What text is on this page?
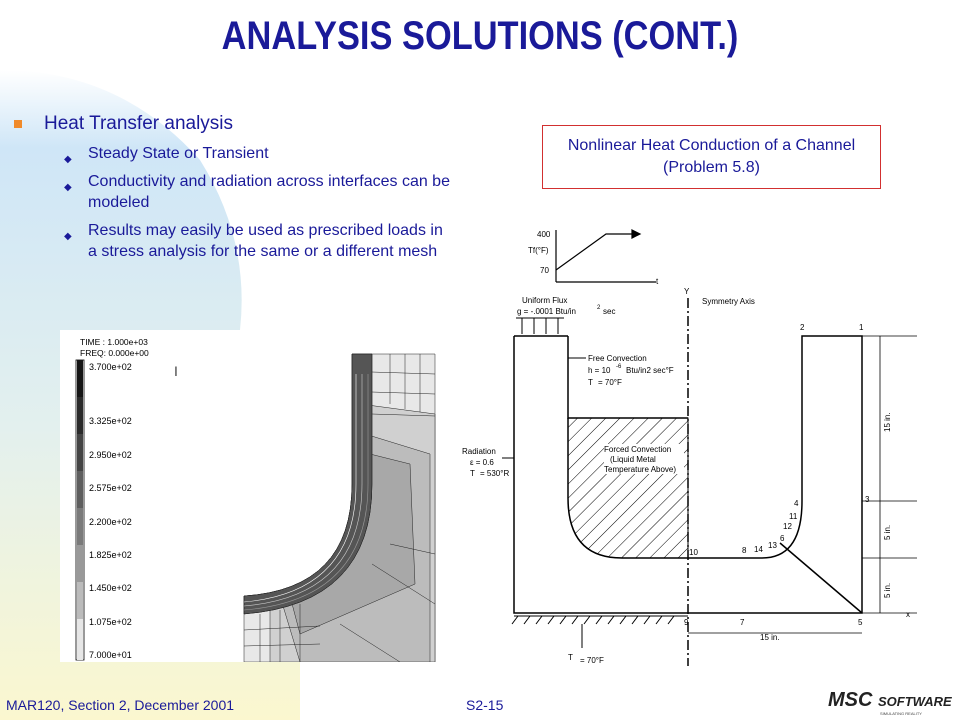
ANALYSIS SOLUTIONS (CONT.)
Heat Transfer analysis
◆ Steady State or Transient
◆ Conductivity and radiation across interfaces can be modeled
◆ Results may easily be used as prescribed loads in a stress analysis for the same or a different mesh
Nonlinear Heat Conduction of a Channel (Problem 5.8)
TIME : 1.000e+03
FREQ: 0.000e+00
3.700e+02
3.325e+02
2.950e+02
2.575e+02
2.200e+02
1.825e+02
1.450e+02
1.075e+02
7.000e+01
I
400
70
Tf(°F)
t
Y
Symmetry Axis
Forced Convection
(Liquid Metal
Temperature Above)
Uniform Flux
g = -.0001 Btu/in	2 sec
Free Convection
h = 10 -6 Btu/in2 sec°F
T = 70°F
Radiation
ε = 0.6
T = 530°R
T = 70°F
1
2
3
4
5
6
7
8
9
10
11
12
13
14
x
15 in.
5 in.
5 in.
15 in.
MAR120, Section 2, December 2001	S2-15	MSC SOFTWARE
SIMULATING REALITY
